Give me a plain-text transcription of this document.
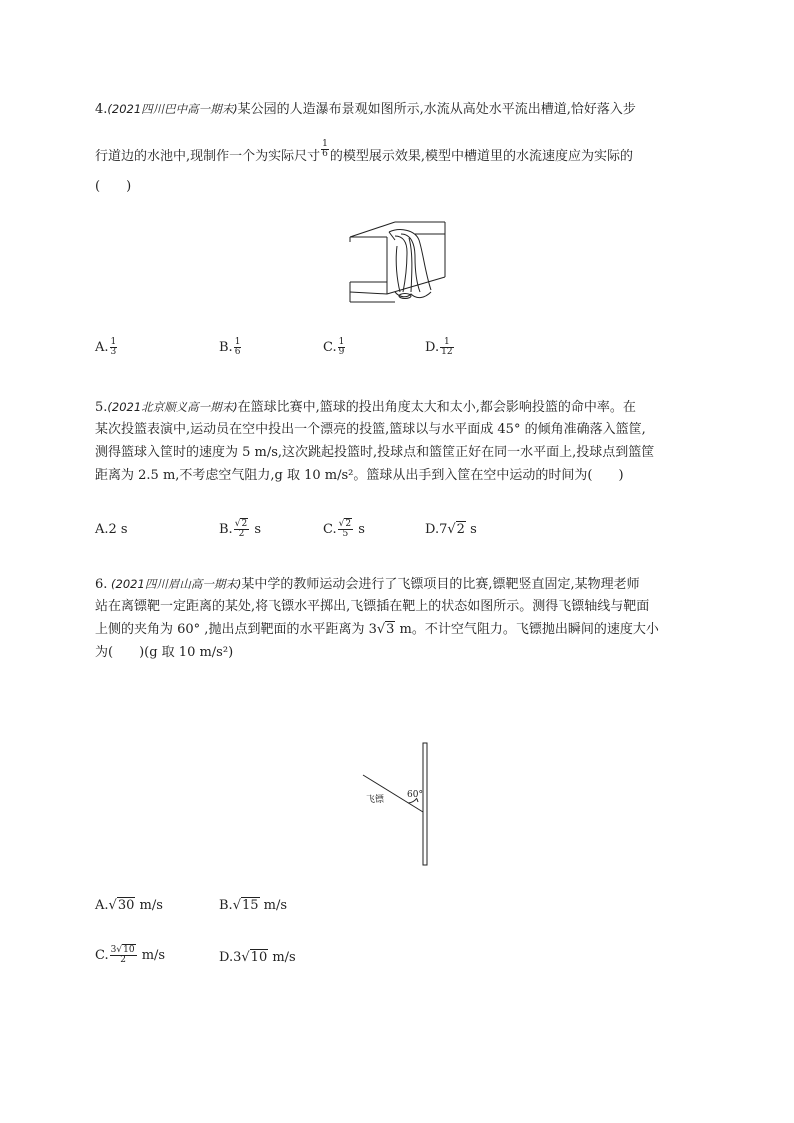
4.(2021四川巴中高一期末)某公园的人造瀑布景观如图所示,水流从高处水平流出槽道,恰好落入步
行道边的水池中,现制作一个为实际尺寸 $\frac{1}{6}$ 的模型展示效果,模型中槽道里的水流速度应为实际的
(　　)
A. $\frac{1}{3}$	B. $\frac{1}{6}$	C. $\frac{1}{9}$	D. $\frac{1}{12}$
5.(2021北京顺义高一期末)在篮球比赛中,篮球的投出角度太大和太小,都会影响投篮的命中率。在
某次投篮表演中,运动员在空中投出一个漂亮的投篮,篮球以与水平面成 45° 的倾角准确落入篮筐,
测得篮球入筐时的速度为 5 m/s,这次跳起投篮时,投球点和篮筐正好在同一水平面上,投球点到篮筐
距离为 2.5 m,不考虑空气阻力,g 取 10 m/s²。篮球从出手到入筐在空中运动的时间为(　　)
A.2 s	B. $\frac{√2}{2}$ s	C. $\frac{√2}{5}$ s	D.7√2 s
6. (2021四川眉山高一期末)某中学的教师运动会进行了飞镖项目的比赛,镖靶竖直固定,某物理老师
站在离镖靶一定距离的某处,将飞镖水平掷出,飞镖插在靶上的状态如图所示。测得飞镖轴线与靶面
上侧的夹角为 60° ,抛出点到靶面的水平距离为 3√3 m。不计空气阻力。飞镖抛出瞬间的速度大小
为(　　)(g 取 10 m/s²)
60°
飞镖
A.√30 m/s	B.√15 m/s
C. $\frac{3√10}{2} m/s$	D.3√10 m/s
